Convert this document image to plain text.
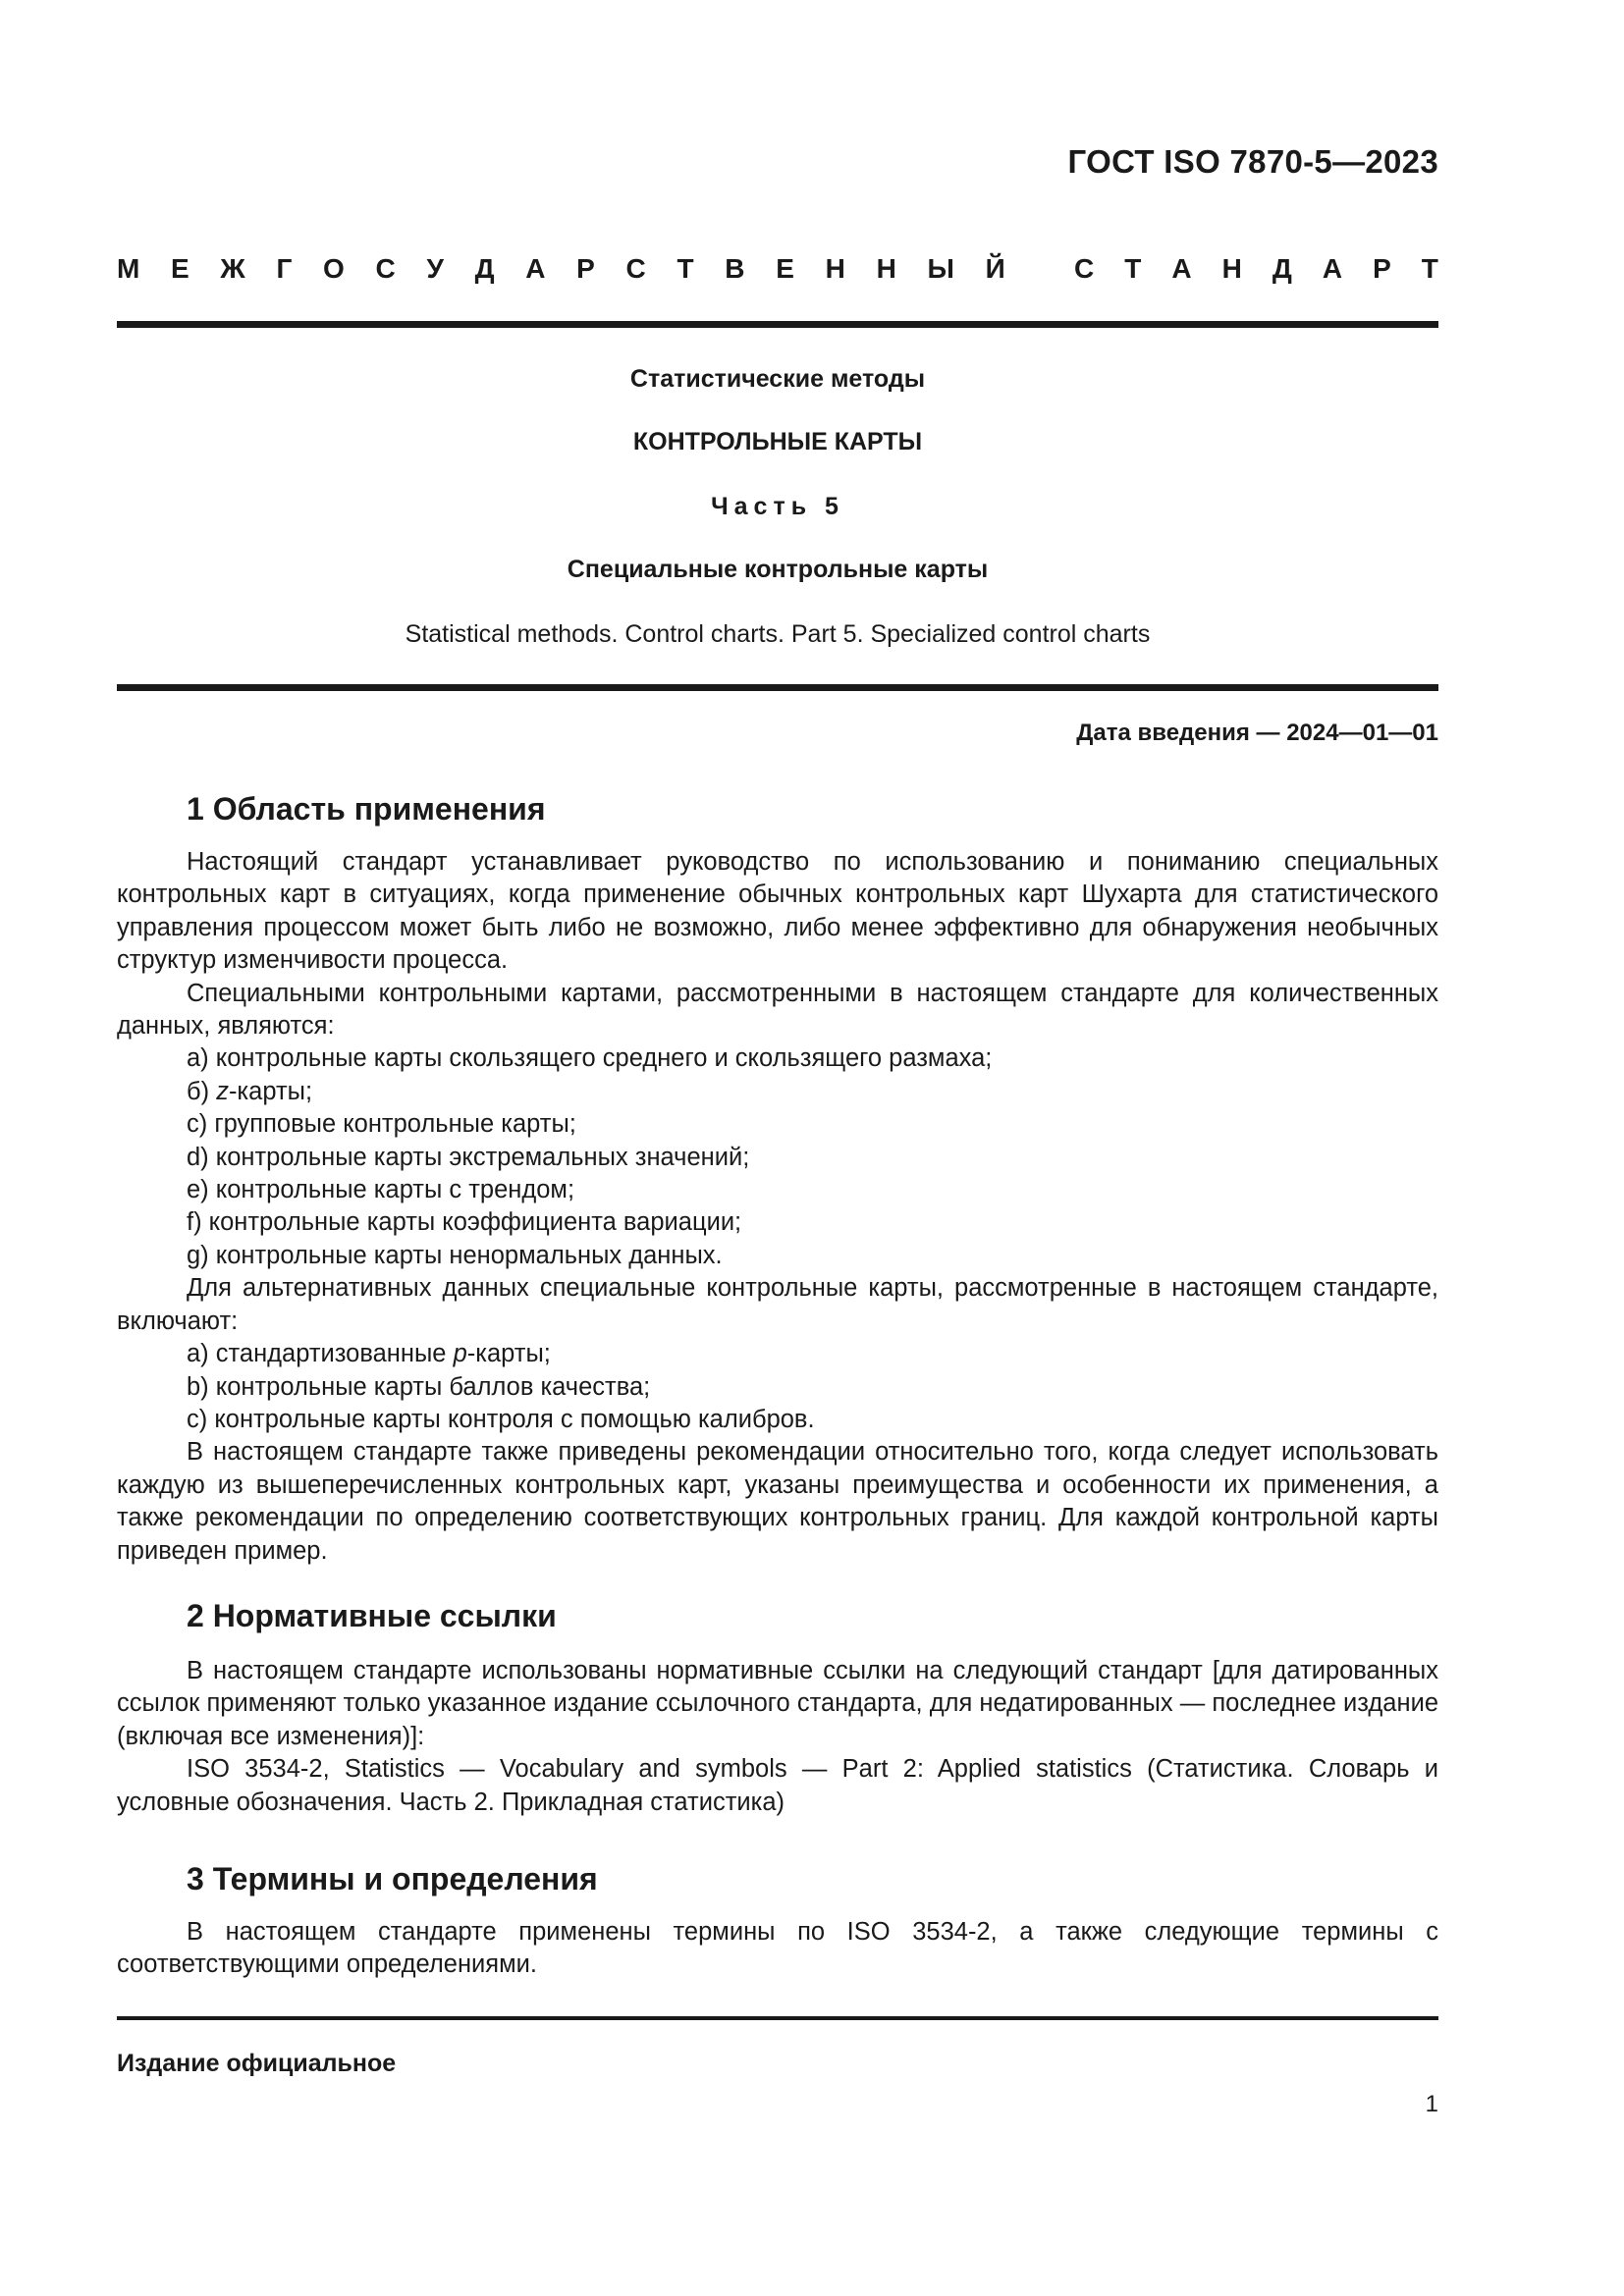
ГОСТ ISO 7870-5—2023
М Е Ж Г О С У Д А Р С Т В Е Н Н Ы Й	С Т А Н Д А Р Т
Статистические методы
КОНТРОЛЬНЫЕ КАРТЫ
Часть 5
Специальные контрольные карты
Statistical methods. Control charts. Part 5. Specialized control charts
Дата введения — 2024—01—01
1 Область применения

Настоящий стандарт устанавливает руководство по использованию и пониманию специальных контрольных карт в ситуациях, когда применение обычных контрольных карт Шухарта для статистического управления процессом может быть либо не возможно, либо менее эффективно для обнаружения необычных структур изменчивости процесса.

Специальными контрольными картами, рассмотренными в настоящем стандарте для количественных данных, являются:

а) контрольные карты скользящего среднего и скользящего размаха;
б) z-карты;
с) групповые контрольные карты;
d) контрольные карты экстремальных значений;
е) контрольные карты с трендом;
f) контрольные карты коэффициента вариации;
g) контрольные карты ненормальных данных.

Для альтернативных данных специальные контрольные карты, рассмотренные в настоящем стандарте, включают:

а) стандартизованные p-карты;
b) контрольные карты баллов качества;
с) контрольные карты контроля с помощью калибров.

В настоящем стандарте также приведены рекомендации относительно того, когда следует использовать каждую из вышеперечисленных контрольных карт, указаны преимущества и особенности их применения, а также рекомендации по определению соответствующих контрольных границ. Для каждой контрольной карты приведен пример.

2 Нормативные ссылки

В настоящем стандарте использованы нормативные ссылки на следующий стандарт [для датированных ссылок применяют только указанное издание ссылочного стандарта, для недатированных — последнее издание (включая все изменения)]:

ISO 3534-2, Statistics — Vocabulary and symbols — Part 2: Applied statistics (Статистика. Словарь и условные обозначения. Часть 2. Прикладная статистика)

3 Термины и определения

В настоящем стандарте применены термины по ISO 3534-2, а также следующие термины с соответствующими определениями.

Издание официальное
1
